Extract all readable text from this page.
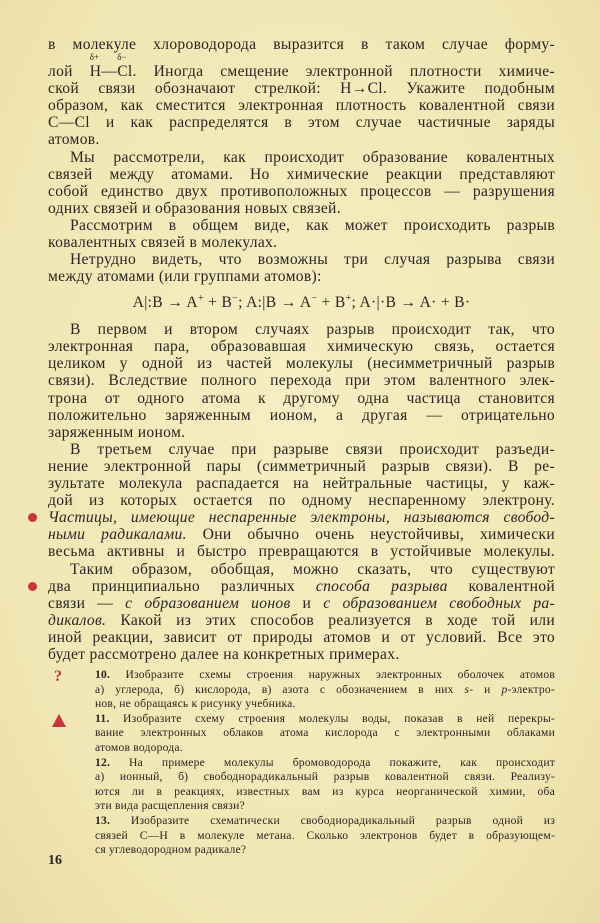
в молекуле хлороводорода выразится в таком случае форму-
лой H
δ+
—Cl
δ−
. Иногда смещение электронной плотности химиче-
ской связи обозначают стрелкой: H→Cl. Укажите подобным
образом, как сместится электронная плотность ковалентной связи
C—Cl и как распределятся в этом случае частичные заряды
атомов.
Мы рассмотрели, как происходит образование ковалентных
связей между атомами. Но химические реакции представляют
собой единство двух противоположных процессов — разрушения
одних связей и образования новых связей.
Рассмотрим в общем виде, как может происходить разрыв
ковалентных связей в молекулах.
Нетрудно видеть, что возможны три случая разрыва связи
между атомами (или группами атомов):
A|:B → A+ + B−; A:|B → A− + B+; A·|·B → A· + B·
В первом и втором случаях разрыв происходит так, что
электронная пара, образовавшая химическую связь, остается
целиком у одной из частей молекулы (несимметричный разрыв
связи). Вследствие полного перехода при этом валентного элек-
трона от одного атома к другому одна частица становится
положительно заряженным ионом, а другая — отрицательно
заряженным ионом.
В третьем случае при разрыве связи происходит разъеди-
нение электронной пары (симметричный разрыв связи). В ре-
зультате молекула распадается на нейтральные частицы, у каж-
дой из которых остается по одному неспаренному электрону.
Частицы, имеющие неспаренные электроны, называются свобод-
ными радикалами. Они обычно очень неустойчивы, химически
весьма активны и быстро превращаются в устойчивые молекулы.
Таким образом, обобщая, можно сказать, что существуют
два принципиально различных способа разрыва ковалентной
связи — с образованием ионов и с образованием свободных ра-
дикалов. Какой из этих способов реализуется в ходе той или
иной реакции, зависит от природы атомов и от условий. Все это
будет рассмотрено далее на конкретных примерах.
?	10. Изобразите схемы строения наружных электронных оболочек атомов
а) углерода, б) кислорода, в) азота с обозначением в них s- и p-электро-
нов, не обращаясь к рисунку учебника.
11. Изобразите схему строения молекулы воды, показав в ней перекры-
вание электронных облаков атома кислорода с электронными облаками
атомов водорода.
12. На примере молекулы бромоводорода покажите, как происходит
а) ионный, б) свободнорадикальный разрыв ковалентной связи. Реализу-
ются ли в реакциях, известных вам из курса неорганической химии, оба
эти вида расщепления связи?
13. Изобразите схематически свободнорадикальный разрыв одной из
связей C—H в молекуле метана. Сколько электронов будет в образующем-
ся углеводородном радикале?
16
